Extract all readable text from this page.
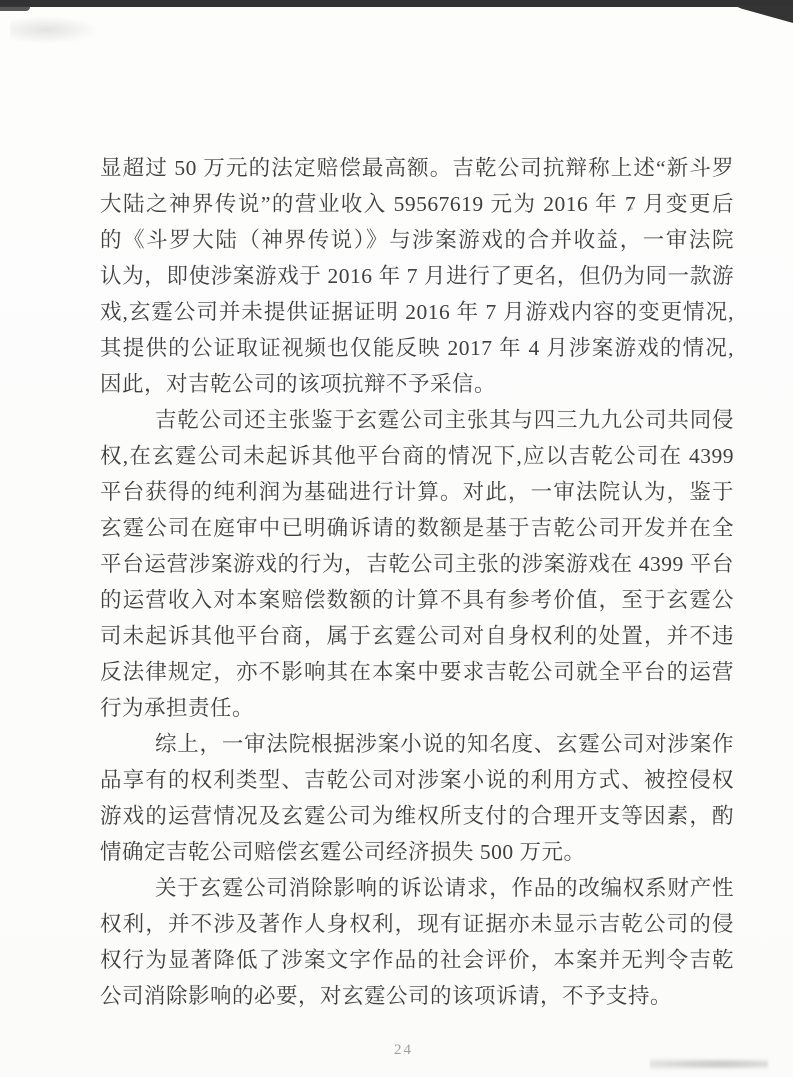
显超过 50 万元的法定赔偿最高额。吉乾公司抗辩称上述“新斗罗
大陆之神界传说”的营业收入 59567619 元为 2016 年 7 月变更后
的《斗罗大陆（神界传说）》与涉案游戏的合并收益，一审法院
认为，即使涉案游戏于 2016 年 7 月进行了更名，但仍为同一款游
戏,玄霆公司并未提供证据证明 2016 年 7 月游戏内容的变更情况,
其提供的公证取证视频也仅能反映 2017 年 4 月涉案游戏的情况,
因此，对吉乾公司的该项抗辩不予采信。
吉乾公司还主张鉴于玄霆公司主张其与四三九九公司共同侵
权,在玄霆公司未起诉其他平台商的情况下,应以吉乾公司在 4399
平台获得的纯利润为基础进行计算。对此，一审法院认为，鉴于
玄霆公司在庭审中已明确诉请的数额是基于吉乾公司开发并在全
平台运营涉案游戏的行为，吉乾公司主张的涉案游戏在 4399 平台
的运营收入对本案赔偿数额的计算不具有参考价值，至于玄霆公
司未起诉其他平台商，属于玄霆公司对自身权利的处置，并不违
反法律规定，亦不影响其在本案中要求吉乾公司就全平台的运营
行为承担责任。
综上，一审法院根据涉案小说的知名度、玄霆公司对涉案作
品享有的权利类型、吉乾公司对涉案小说的利用方式、被控侵权
游戏的运营情况及玄霆公司为维权所支付的合理开支等因素，酌
情确定吉乾公司赔偿玄霆公司经济损失 500 万元。
关于玄霆公司消除影响的诉讼请求，作品的改编权系财产性
权利，并不涉及著作人身权利，现有证据亦未显示吉乾公司的侵
权行为显著降低了涉案文字作品的社会评价，本案并无判令吉乾
公司消除影响的必要，对玄霆公司的该项诉请，不予支持。
24
